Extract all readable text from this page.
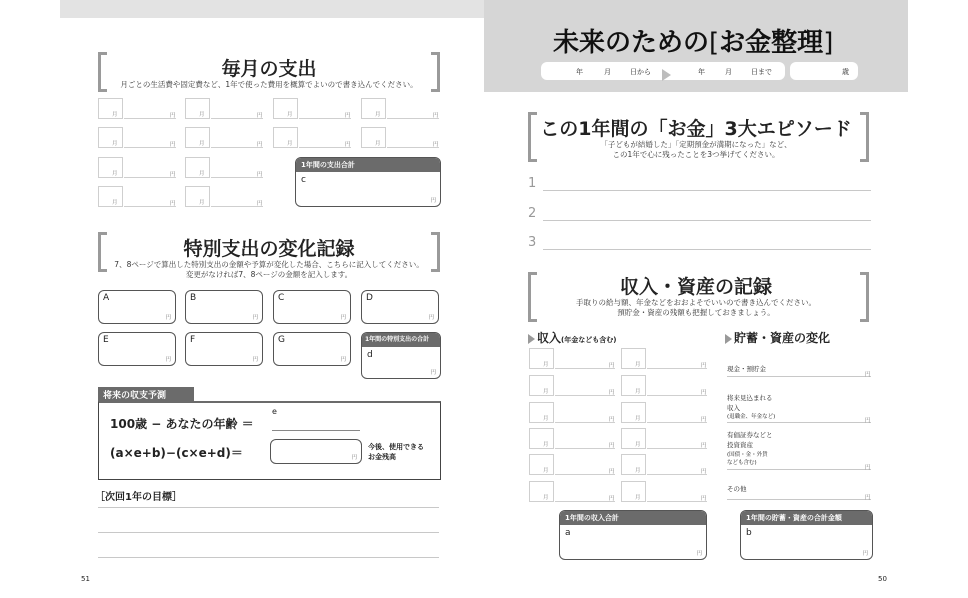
毎月の支出
月ごとの生活費や固定費など、1年で使った費用を概算でよいので書き込んでください。
月	円	月	円	月	円	月	円
月	円	月	円	月	円	月	円
月	円	月	円
月	円	月	円
1年間の支出合計
c
円
特別支出の変化記録
7、8ページで算出した特別支出の金額や予算が変化した場合、こちらに記入してください。
変更がなければ7、8ページの金額を記入します。
A
円
B
円
C
円
D
円
E
円
F
円
G
円
1年間の特別支出の合計
d
円
将来の収支予測
100歳 − あなたの年齢 ＝
e
(a×e+b)−(c×e+d)＝	円
今後、使用できる
お金残高
［次回1年の目標］
51
未来のための[お金整理]
年	月	日から	年	月	日まで	歳
この1年間の「お金」3大エピソード
「子どもが結婚した」「定期預金が満期になった」など、
この1年で心に残ったことを3つ挙げてください。
1
2
3
収入・資産の記録
手取りの給与額、年金などをおおよそでいいので書き込んでください。
預貯金・資産の残額も把握しておきましょう。
収入(年金なども含む)	貯蓄・資産の変化
月	円	月	円
月	円	月	円
月	円	月	円
月	円	月	円
月	円	月	円
月	円	月	円
現金・預貯金
円
将来見込まれる
収入
(退職金、年金など)
円
有価証券などと
投資資産
(国債・金・外貨
なども含む)
円
その他
円
1年間の収入合計
a
円
1年間の貯蓄・資産の合計金額
b
円
50
